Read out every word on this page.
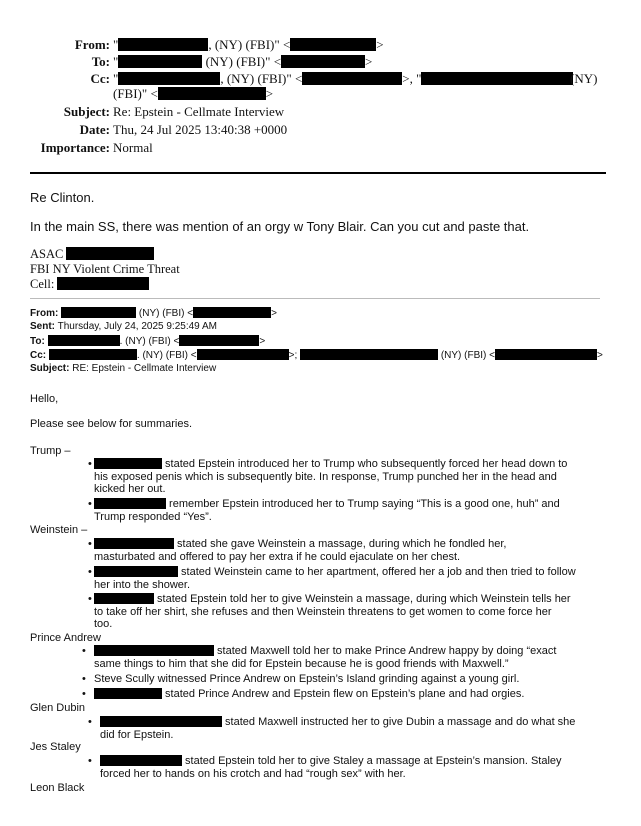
From: "	, (NY) (FBI)" <	>
To: "	(NY) (FBI)" <	>
Cc: "	, (NY) (FBI)" <	>, "	(NY)
(FBI)" <	>
Subject: Re: Epstein - Cellmate Interview
Date: Thu, 24 Jul 2025 13:40:38 +0000
Importance: Normal
Re Clinton.
In the main SS, there was mention of an orgy w Tony Blair. Can you cut and paste that.
ASAC
FBI NY Violent Crime Threat
Cell:
From:	(NY) (FBI) <	>
Sent: Thursday, July 24, 2025 9:25:49 AM
To:	. (NY) (FBI) <	>
Cc:	. (NY) (FBI) <	>;	(NY) (FBI) <	>
Subject: RE: Epstein - Cellmate Interview
Hello,
Please see below for summaries.
Trump –
•	stated Epstein introduced her to Trump who subsequently forced her head down to
his exposed penis which is subsequently bite. In response, Trump punched her in the head and
kicked her out.
•	remember Epstein introduced her to Trump saying “This is a good one, huh” and
Trump responded “Yes”.
Weinstein –
•	stated she gave Weinstein a massage, during which he fondled her,
masturbated and offered to pay her extra if he could ejaculate on her chest.
•	stated Weinstein came to her apartment, offered her a job and then tried to follow
her into the shower.
•	stated Epstein told her to give Weinstein a massage, during which Weinstein tells her
to take off her shirt, she refuses and then Weinstein threatens to get women to come force her
too.
Prince Andrew
•	stated Maxwell told her to make Prince Andrew happy by doing “exact
same things to him that she did for Epstein because he is good friends with Maxwell.”
• Steve Scully witnessed Prince Andrew on Epstein’s Island grinding against a young girl.
•	stated Prince Andrew and Epstein flew on Epstein’s plane and had orgies.
Glen Dubin
•	stated Maxwell instructed her to give Dubin a massage and do what she
did for Epstein.
Jes Staley
•	stated Epstein told her to give Staley a massage at Epstein’s mansion. Staley
forced her to hands on his crotch and had “rough sex” with her.
Leon Black
